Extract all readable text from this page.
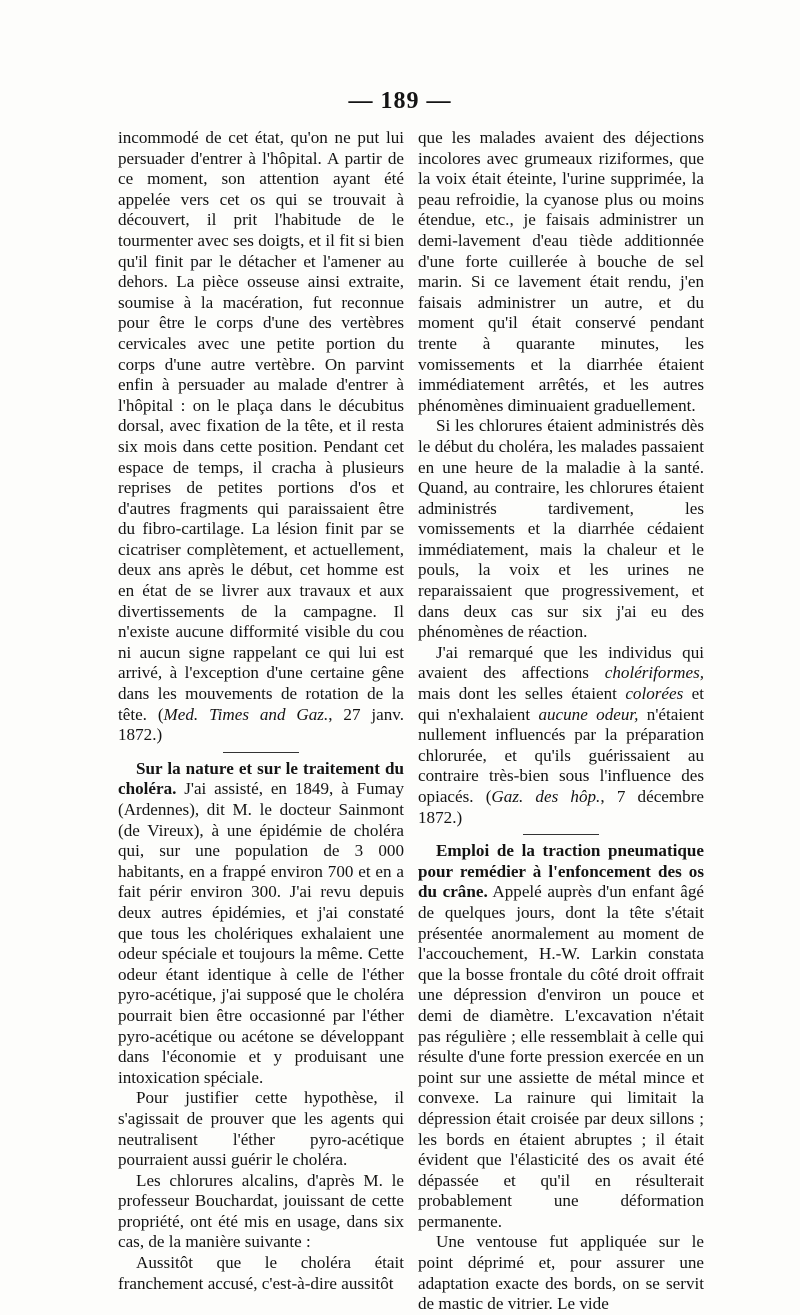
— 189 —

incommodé de cet état, qu'on ne put lui persuader d'entrer à l'hôpital. A partir de ce moment, son attention ayant été appelée vers cet os qui se trouvait à découvert, il prit l'habitude de le tourmenter avec ses doigts, et il fit si bien qu'il finit par le détacher et l'amener au dehors. La pièce osseuse ainsi extraite, soumise à la macération, fut reconnue pour être le corps d'une des vertèbres cervicales avec une petite portion du corps d'une autre vertèbre. On parvint enfin à persuader au malade d'entrer à l'hôpital : on le plaça dans le décubitus dorsal, avec fixation de la tête, et il resta six mois dans cette position. Pendant cet espace de temps, il cracha à plusieurs reprises de petites portions d'os et d'autres fragments qui paraissaient être du fibro-cartilage. La lésion finit par se cicatriser complètement, et actuellement, deux ans après le début, cet homme est en état de se livrer aux travaux et aux divertissements de la campagne. Il n'existe aucune difformité visible du cou ni aucun signe rappelant ce qui lui est arrivé, à l'exception d'une certaine gêne dans les mouvements de rotation de la tête. (Med. Times and Gaz., 27 janv. 1872.)

Sur la nature et sur le traitement du choléra. J'ai assisté, en 1849, à Fumay (Ardennes), dit M. le docteur Sainmont (de Vireux), à une épidémie de choléra qui, sur une population de 3 000 habitants, en a frappé environ 700 et en a fait périr environ 300. J'ai revu depuis deux autres épidémies, et j'ai constaté que tous les cholériques exhalaient une odeur spéciale et toujours la même. Cette odeur étant identique à celle de l'éther pyro-acétique, j'ai supposé que le choléra pourrait bien être occasionné par l'éther pyro-acétique ou acétone se développant dans l'économie et y produisant une intoxication spéciale.

Pour justifier cette hypothèse, il s'agissait de prouver que les agents qui neutralisent l'éther pyro-acétique pourraient aussi guérir le choléra.

Les chlorures alcalins, d'après M. le professeur Bouchardat, jouissant de cette propriété, ont été mis en usage, dans six cas, de la manière suivante :

Aussitôt que le choléra était franchement accusé, c'est-à-dire aussitôt

que les malades avaient des déjections incolores avec grumeaux riziformes, que la voix était éteinte, l'urine supprimée, la peau refroidie, la cyanose plus ou moins étendue, etc., je faisais administrer un demi-lavement d'eau tiède additionnée d'une forte cuillerée à bouche de sel marin. Si ce lavement était rendu, j'en faisais administrer un autre, et du moment qu'il était conservé pendant trente à quarante minutes, les vomissements et la diarrhée étaient immédiatement arrêtés, et les autres phénomènes diminuaient graduellement.

Si les chlorures étaient administrés dès le début du choléra, les malades passaient en une heure de la maladie à la santé. Quand, au contraire, les chlorures étaient administrés tardivement, les vomissements et la diarrhée cédaient immédiatement, mais la chaleur et le pouls, la voix et les urines ne reparaissaient que progressivement, et dans deux cas sur six j'ai eu des phénomènes de réaction.

J'ai remarqué que les individus qui avaient des affections cholériformes, mais dont les selles étaient colorées et qui n'exhalaient aucune odeur, n'étaient nullement influencés par la préparation chlorurée, et qu'ils guérissaient au contraire très-bien sous l'influence des opiacés. (Gaz. des hôp., 7 décembre 1872.)

Emploi de la traction pneumatique pour remédier à l'enfoncement des os du crâne. Appelé auprès d'un enfant âgé de quelques jours, dont la tête s'était présentée anormalement au moment de l'accouchement, H.-W. Larkin constata que la bosse frontale du côté droit offrait une dépression d'environ un pouce et demi de diamètre. L'excavation n'était pas régulière ; elle ressemblait à celle qui résulte d'une forte pression exercée en un point sur une assiette de métal mince et convexe. La rainure qui limitait la dépression était croisée par deux sillons ; les bords en étaient abruptes ; il était évident que l'élasticité des os avait été dépassée et qu'il en résulterait probablement une déformation permanente.

Une ventouse fut appliquée sur le point déprimé et, pour assurer une adaptation exacte des bords, on se servit de mastic de vitrier. Le vide
